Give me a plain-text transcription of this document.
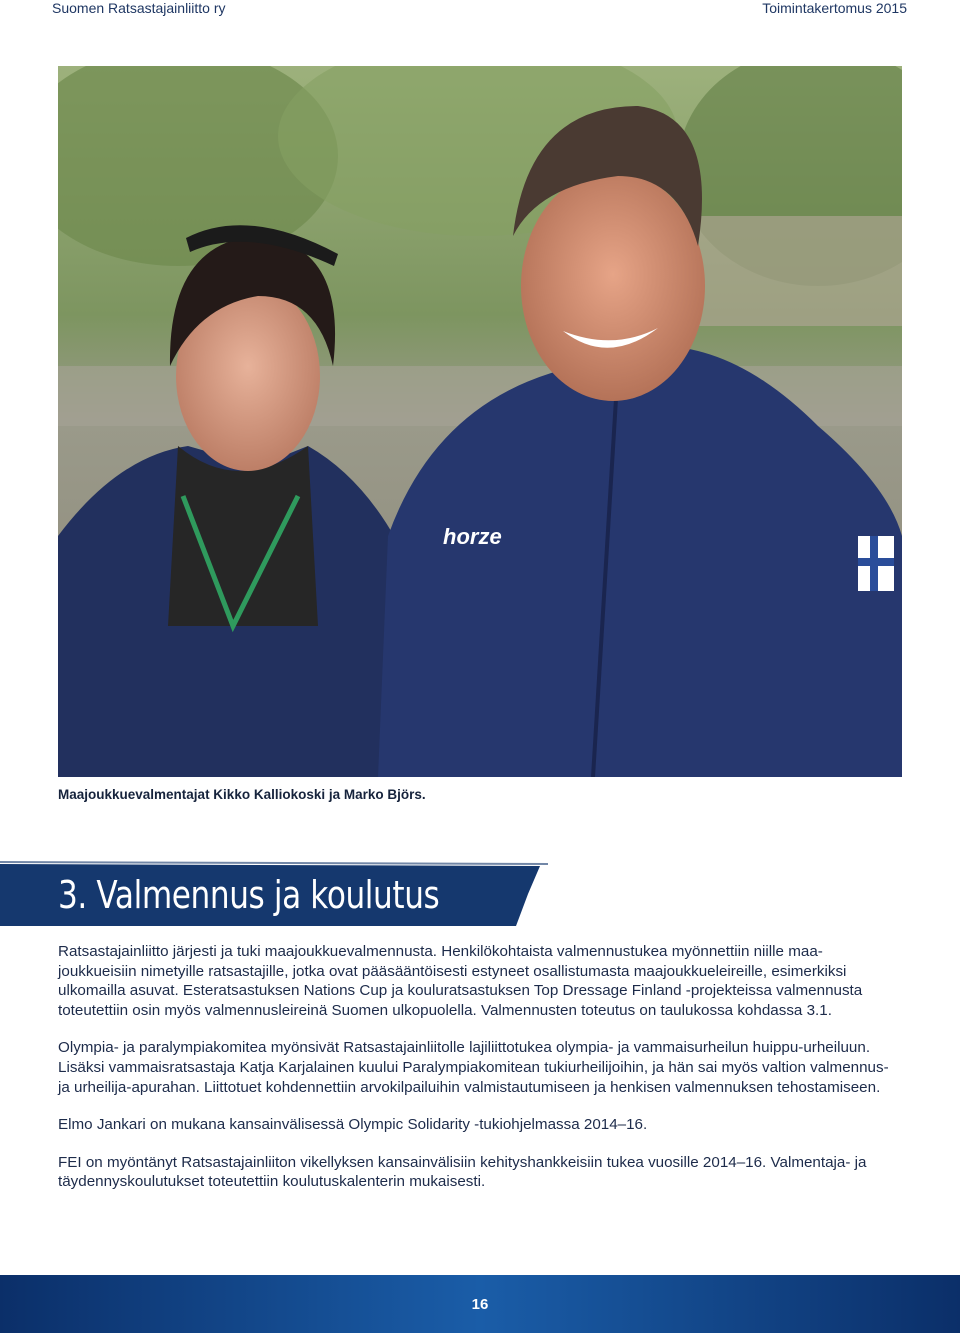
Suomen Ratsastajainliitto ry	Toimintakertomus 2015
horze
Maajoukkuevalmentajat Kikko Kalliokoski ja Marko Björs.
3. Valmennus ja koulutus

Ratsastajainliitto järjesti ja tuki maajoukkuevalmennusta. Henkilökohtaista valmennustukea myönnettiin niille maa-joukkueisiin nimetyille ratsastajille, jotka ovat pääsääntöisesti estyneet osallistumasta maajoukkueleireille, esimerkiksi ulkomailla asuvat. Esteratsastuksen Nations Cup ja kouluratsastuksen Top Dressage Finland -projekteissa valmennusta toteutettiin osin myös valmennusleireinä Suomen ulkopuolella. Valmennusten toteutus on taulukossa kohdassa 3.1.

Olympia- ja paralympiakomitea myönsivät Ratsastajainliitolle lajiliittotukea olympia- ja vammaisurheilun huippu-urheiluun. Lisäksi vammaisratsastaja Katja Karjalainen kuului Paralympiakomitean tukiurheilijoihin, ja hän sai myös valtion valmennus- ja urheilija-apurahan. Liittotuet kohdennettiin arvokilpailuihin valmistautumiseen ja henkisen valmennuksen tehostamiseen.

Elmo Jankari on mukana kansainvälisessä Olympic Solidarity -tukiohjelmassa 2014–16.

FEI on myöntänyt Ratsastajainliiton vikellyksen kansainvälisiin kehityshankkeisiin tukea vuosille 2014–16. Valmentaja- ja täydennyskoulutukset toteutettiin koulutuskalenterin mukaisesti.

16
